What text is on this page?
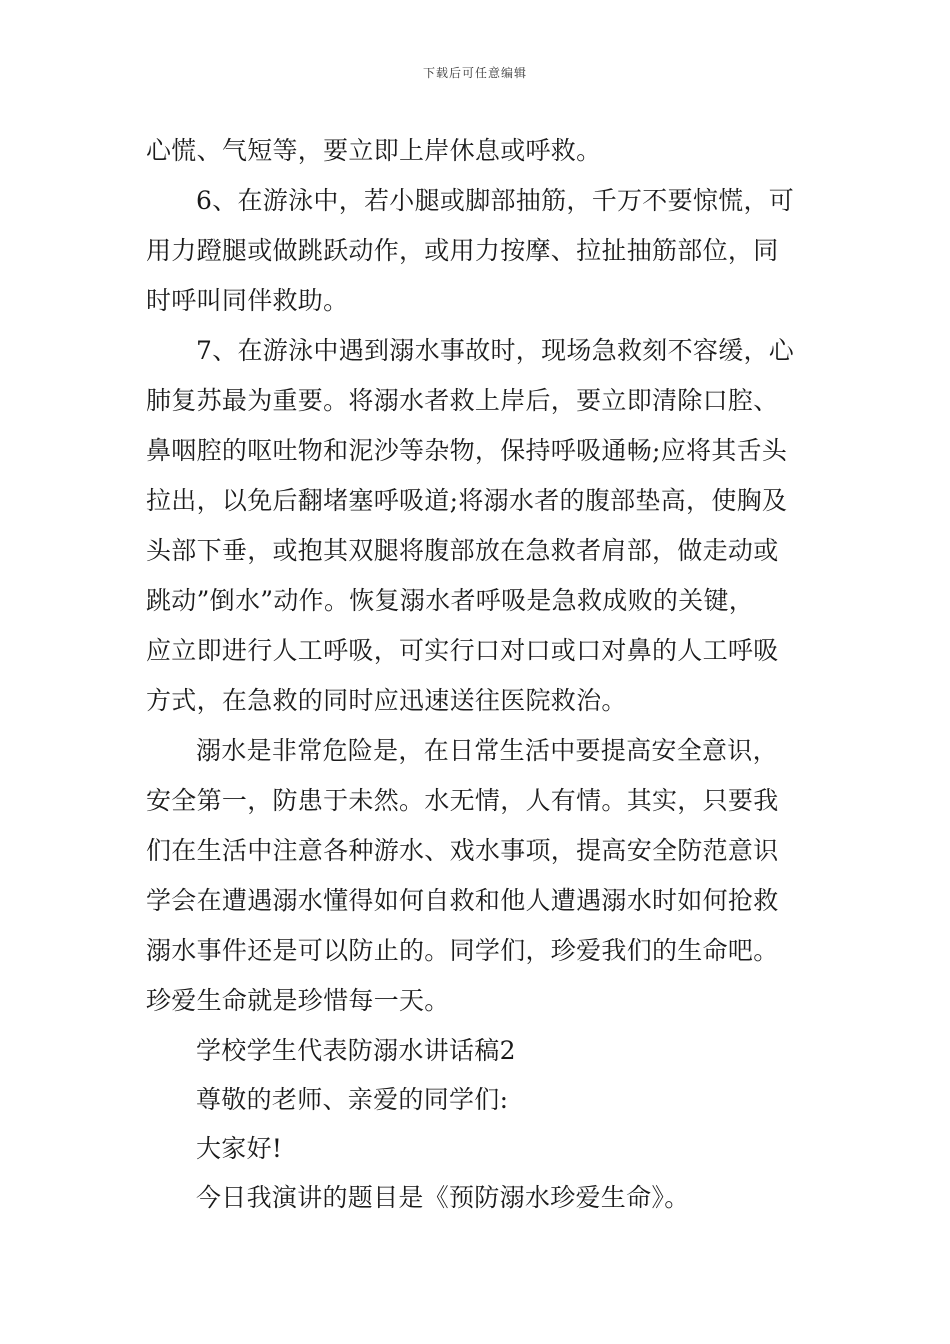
下载后可任意编辑
心慌、气短等，要立即上岸休息或呼救。
6、在游泳中，若小腿或脚部抽筋，千万不要惊慌，可
用力蹬腿或做跳跃动作，或用力按摩、拉扯抽筋部位，同
时呼叫同伴救助。
7、在游泳中遇到溺水事故时，现场急救刻不容缓，心
肺复苏最为重要。将溺水者救上岸后，要立即清除口腔、
鼻咽腔的呕吐物和泥沙等杂物，保持呼吸通畅;应将其舌头
拉出，以免后翻堵塞呼吸道;将溺水者的腹部垫高，使胸及
头部下垂，或抱其双腿将腹部放在急救者肩部，做走动或
跳动”倒水”动作。恢复溺水者呼吸是急救成败的关键，
应立即进行人工呼吸，可实行口对口或口对鼻的人工呼吸
方式，在急救的同时应迅速送往医院救治。
溺水是非常危险是，在日常生活中要提高安全意识，
安全第一，防患于未然。水无情，人有情。其实，只要我
们在生活中注意各种游水、戏水事项，提高安全防范意识
学会在遭遇溺水懂得如何自救和他人遭遇溺水时如何抢救
溺水事件还是可以防止的。同学们，珍爱我们的生命吧。
珍爱生命就是珍惜每一天。
学校学生代表防溺水讲话稿2
尊敬的老师、亲爱的同学们:
大家好!
今日我演讲的题目是《预防溺水珍爱生命》。
